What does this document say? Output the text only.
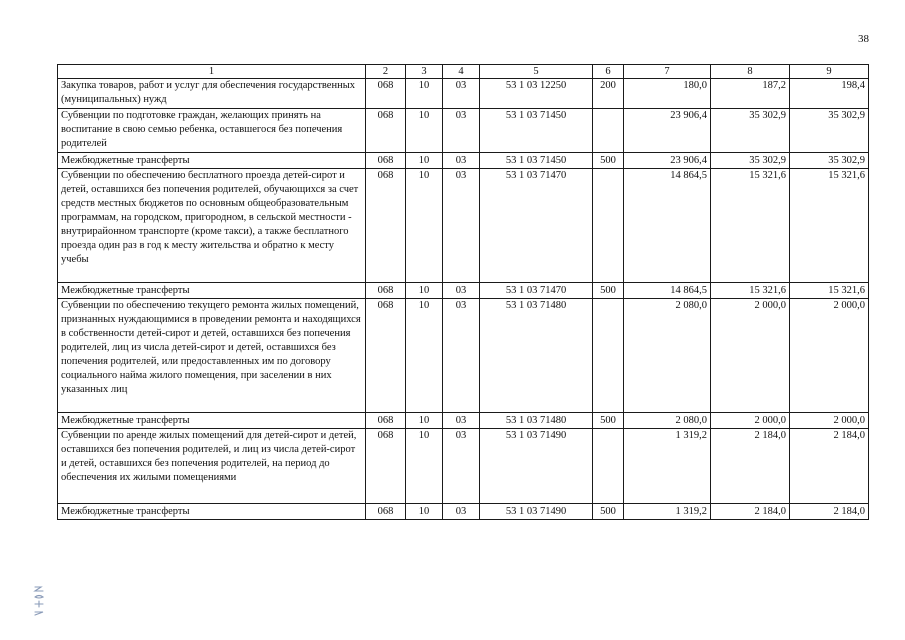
38
1	2	3	4	5	6	7	8	9
Закупка товаров, работ и услуг для обеспечения государственных (муниципальных) нужд	068	10	03	53 1 03 12250	200	180,0	187,2	198,4
Субвенции по подготовке граждан, желающих принять на воспитание в свою семью ребенка, оставшегося без попечения родителей	068	10	03	53 1 03 71450		23 906,4	35 302,9	35 302,9
Межбюджетные трансферты	068	10	03	53 1 03 71450	500	23 906,4	35 302,9	35 302,9
Субвенции по обеспечению бесплатного проезда детей-сирот и детей, оставшихся без попечения родителей, обучающихся за счет средств местных бюджетов по основным общеобразовательным программам, на городском, пригородном, в сельской местности - внутрирайонном транспорте (кроме такси), а также бесплатного проезда один раз в год к месту жительства и обратно к месту учебы	068	10	03	53 1 03 71470		14 864,5	15 321,6	15 321,6
Межбюджетные трансферты	068	10	03	53 1 03 71470	500	14 864,5	15 321,6	15 321,6
Субвенции по обеспечению текущего ремонта жилых помещений, признанных нуждающимися в проведении ремонта и находящихся в собственности детей-сирот и детей, оставшихся без попечения родителей, лиц из числа детей-сирот и детей, оставшихся без попечения родителей, или предоставленных им по договору социального найма жилого помещения, при заселении в них указанных лиц	068	10	03	53 1 03 71480		2 080,0	2 000,0	2 000,0
Межбюджетные трансферты	068	10	03	53 1 03 71480	500	2 080,0	2 000,0	2 000,0
Субвенции по аренде жилых помещений для детей-сирот и детей, оставшихся без попечения родителей, и лиц из числа детей-сирот и детей, оставшихся без попечения родителей, на период до обеспечения их жилыми помещениями	068	10	03	53 1 03 71490		1 319,2	2 184,0	2 184,0
Межбюджетные трансферты	068	10	03	53 1 03 71490	500	1 319,2	2 184,0	2 184,0
